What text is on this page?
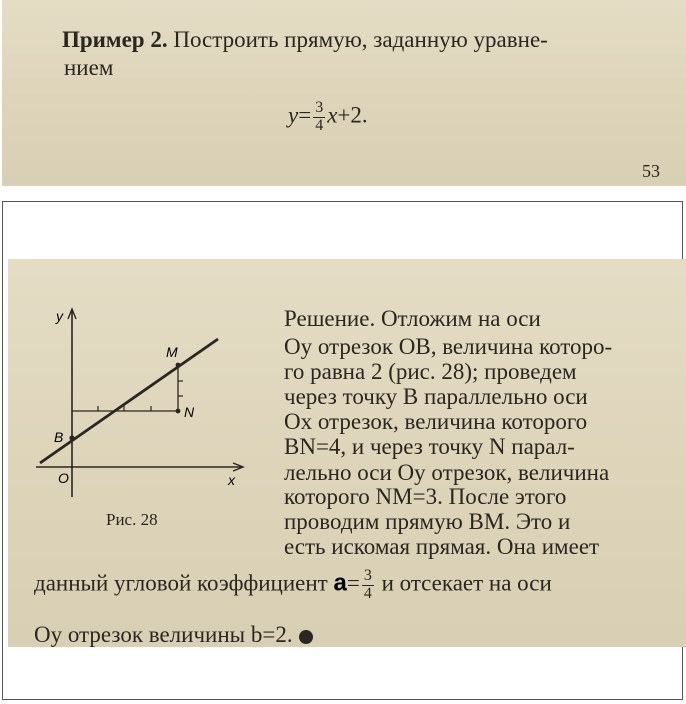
Пример 2. Построить прямую, заданную уравне-
нием
$y= \frac{3}{4} x+2$.
53
y
x
O
B
M
N
Рис. 28
Решение. Отложим на оси
Oy отрезок OB, величина которо-
го равна 2 (рис. 28); проведем
через точку B параллельно оси
Ox отрезок, величина которого
BN=4, и через точку N парал-
лельно оси Oy отрезок, величина
которого NM=3. После этого
проводим прямую BM. Это и
есть искомая прямая. Она имеет
данный угловой коэффициент $a= \frac{3}{4}$ и отсекает на оси
Oy отрезок величины b=2.
